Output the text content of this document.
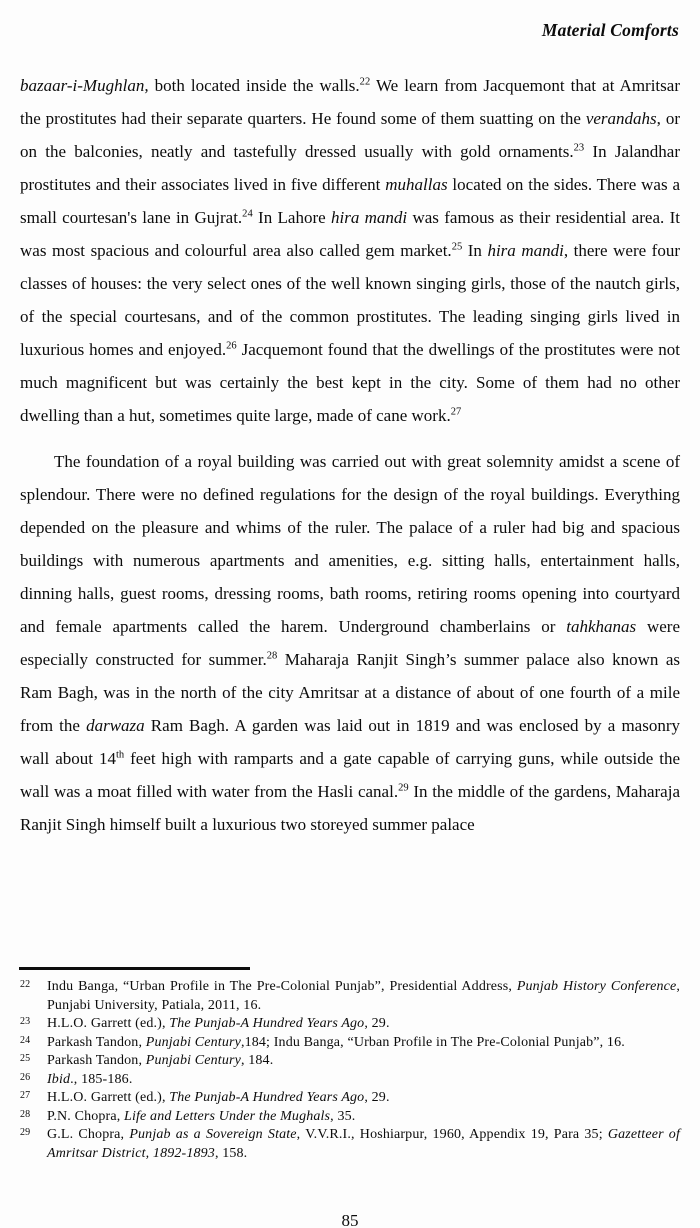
Material Comforts

bazaar-i-Mughlan, both located inside the walls.$^{22}$ We learn from Jacquemont that at Amritsar the prostitutes had their separate quarters. He found some of them suatting on the verandahs, or on the balconies, neatly and tastefully dressed usually with gold ornaments.$^{23}$ In Jalandhar prostitutes and their associates lived in five different muhallas located on the sides. There was a small courtesan's lane in Gujrat.$^{24}$ In Lahore hira mandi was famous as their residential area. It was most spacious and colourful area also called gem market.$^{25}$ In hira mandi, there were four classes of houses: the very select ones of the well known singing girls, those of the nautch girls, of the special courtesans, and of the common prostitutes. The leading singing girls lived in luxurious homes and enjoyed.$^{26}$ Jacquemont found that the dwellings of the prostitutes were not much magnificent but was certainly the best kept in the city. Some of them had no other dwelling than a hut, sometimes quite large, made of cane work.$^{27}$

The foundation of a royal building was carried out with great solemnity amidst a scene of splendour. There were no defined regulations for the design of the royal buildings. Everything depended on the pleasure and whims of the ruler. The palace of a ruler had big and spacious buildings with numerous apartments and amenities, e.g. sitting halls, entertainment halls, dinning halls, guest rooms, dressing rooms, bath rooms, retiring rooms opening into courtyard and female apartments called the harem. Underground chamberlains or tahkhanas were especially constructed for summer.$^{28}$ Maharaja Ranjit Singh’s summer palace also known as Ram Bagh, was in the north of the city Amritsar at a distance of about of one fourth of a mile from the darwaza Ram Bagh. A garden was laid out in 1819 and was enclosed by a masonry wall about 14th feet high with ramparts and a gate capable of carrying guns, while outside the wall was a moat filled with water from the Hasli canal.$^{29}$ In the middle of the gardens, Maharaja Ranjit Singh himself built a luxurious two storeyed summer palace

22 Indu Banga, “Urban Profile in The Pre-Colonial Punjab”, Presidential Address, Punjab History Conference, Punjabi University, Patiala, 2011, 16.
23 H.L.O. Garrett (ed.), The Punjab-A Hundred Years Ago, 29.
24 Parkash Tandon, Punjabi Century,184; Indu Banga, “Urban Profile in The Pre-Colonial Punjab”, 16.
25 Parkash Tandon, Punjabi Century, 184.
26 Ibid., 185-186.
27 H.L.O. Garrett (ed.), The Punjab-A Hundred Years Ago, 29.
28 P.N. Chopra, Life and Letters Under the Mughals, 35.
29 G.L. Chopra, Punjab as a Sovereign State, V.V.R.I., Hoshiarpur, 1960, Appendix 19, Para 35; Gazetteer of Amritsar District, 1892-1893, 158.
85
